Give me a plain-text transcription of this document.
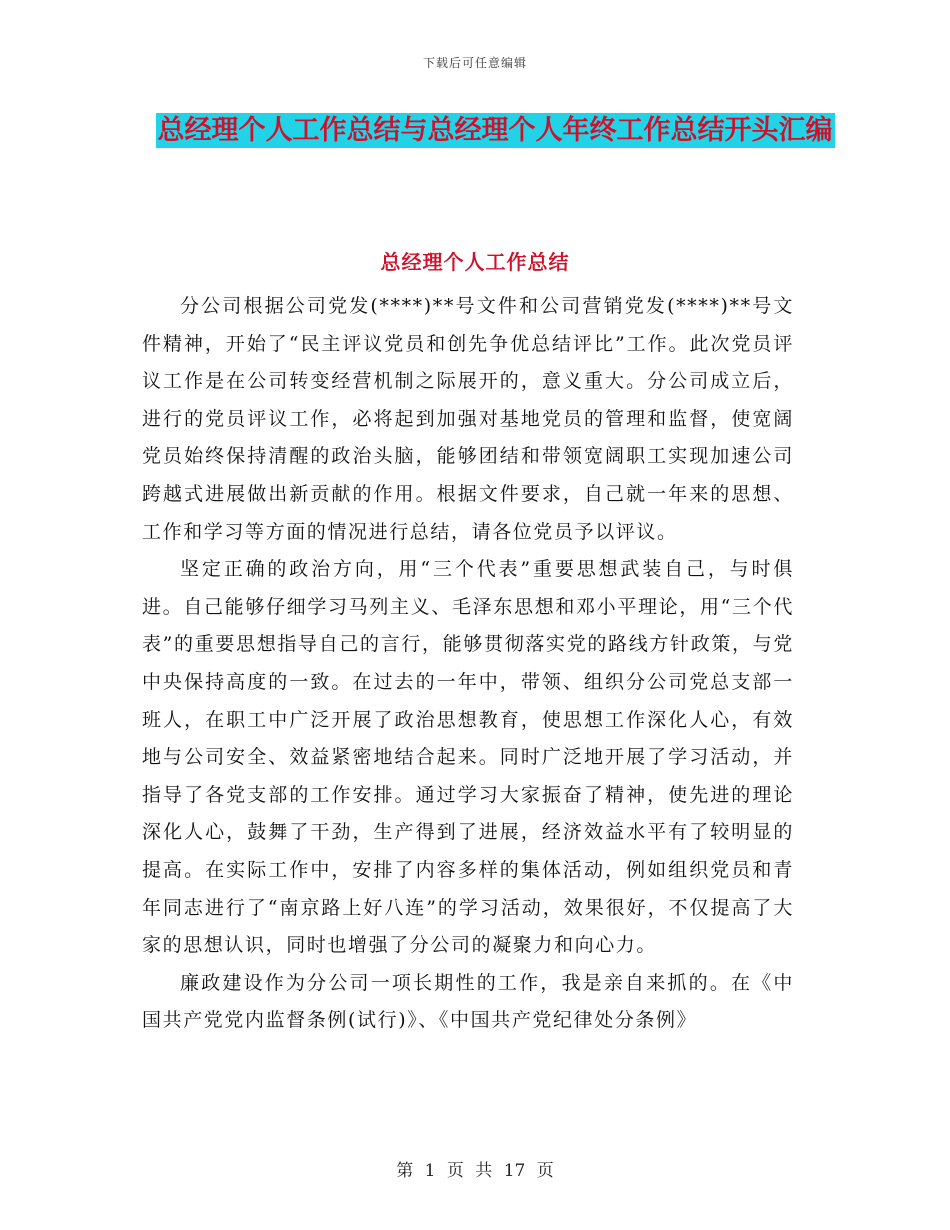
下载后可任意编辑
总经理个人工作总结与总经理个人年终工作总结开头汇编
总经理个人工作总结

分公司根据公司党发(****)**号文件和公司营销党发(****)**号文件精神，开始了“民主评议党员和创先争优总结评比”工作。此次党员评议工作是在公司转变经营机制之际展开的，意义重大。分公司成立后，进行的党员评议工作，必将起到加强对基地党员的管理和监督，使宽阔党员始终保持清醒的政治头脑，能够团结和带领宽阔职工实现加速公司跨越式进展做出新贡献的作用。根据文件要求，自己就一年来的思想、工作和学习等方面的情况进行总结，请各位党员予以评议。

坚定正确的政治方向，用“三个代表”重要思想武装自己，与时俱进。自己能够仔细学习马列主义、毛泽东思想和邓小平理论，用“三个代表”的重要思想指导自己的言行，能够贯彻落实党的路线方针政策，与党中央保持高度的一致。在过去的一年中，带领、组织分公司党总支部一班人，在职工中广泛开展了政治思想教育，使思想工作深化人心，有效地与公司安全、效益紧密地结合起来。同时广泛地开展了学习活动，并指导了各党支部的工作安排。通过学习大家振奋了精神，使先进的理论深化人心，鼓舞了干劲，生产得到了进展，经济效益水平有了较明显的提高。在实际工作中，安排了内容多样的集体活动，例如组织党员和青年同志进行了“南京路上好八连”的学习活动，效果很好，不仅提高了大家的思想认识，同时也增强了分公司的凝聚力和向心力。

廉政建设作为分公司一项长期性的工作，我是亲自来抓的。在《中国共产党党内监督条例(试行)》、《中国共产党纪律处分条例》

第 1 页 共 17 页
